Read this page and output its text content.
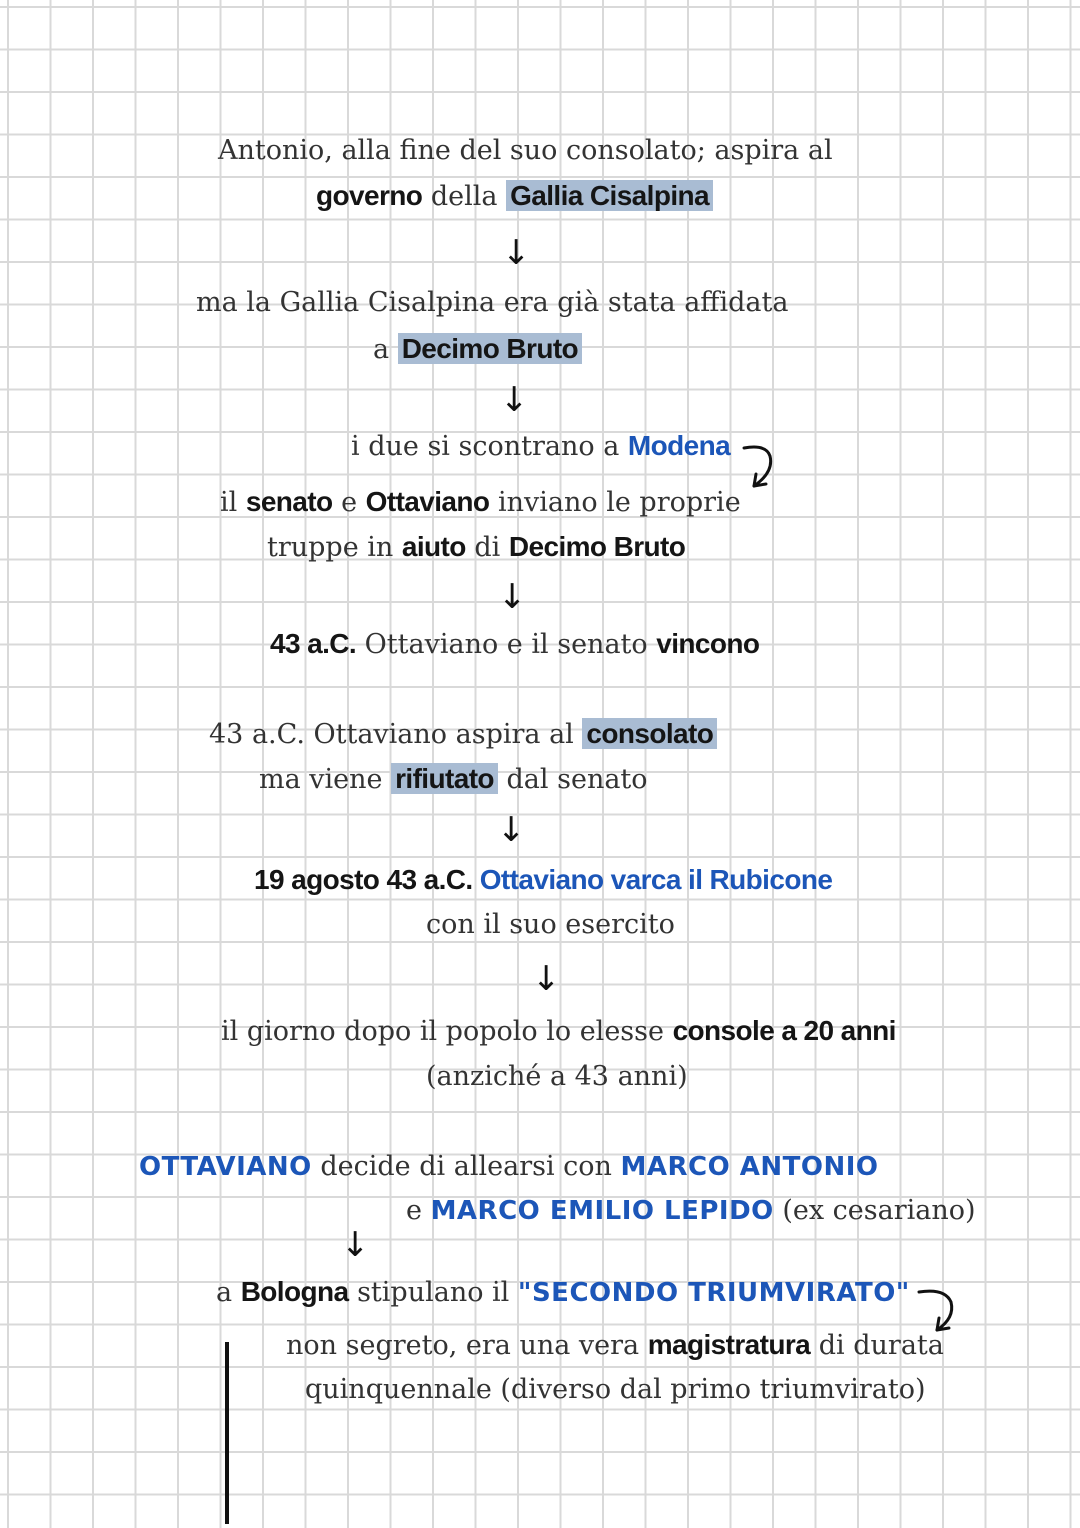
Antonio, alla fine del suo consolato; aspira al
governo della Gallia Cisalpina
↓
ma la Gallia Cisalpina era già stata affidata
a Decimo Bruto
↓
i due si scontrano a Modena
il senato e Ottaviano inviano le proprie
truppe in aiuto di Decimo Bruto
↓
43 a.C. Ottaviano e il senato vincono
43 a.C. Ottaviano aspira al consolato
ma viene rifiutato dal senato
↓
19 agosto 43 a.C. Ottaviano varca il Rubicone
con il suo esercito
↓
il giorno dopo il popolo lo elesse console a 20 anni
(anziché a 43 anni)
OTTAVIANO decide di allearsi con MARCO ANTONIO
e MARCO EMILIO LEPIDO (ex cesariano)
↓
a Bologna stipulano il "SECONDO TRIUMVIRATO"
non segreto, era una vera magistratura di durata
quinquennale (diverso dal primo triumvirato)
